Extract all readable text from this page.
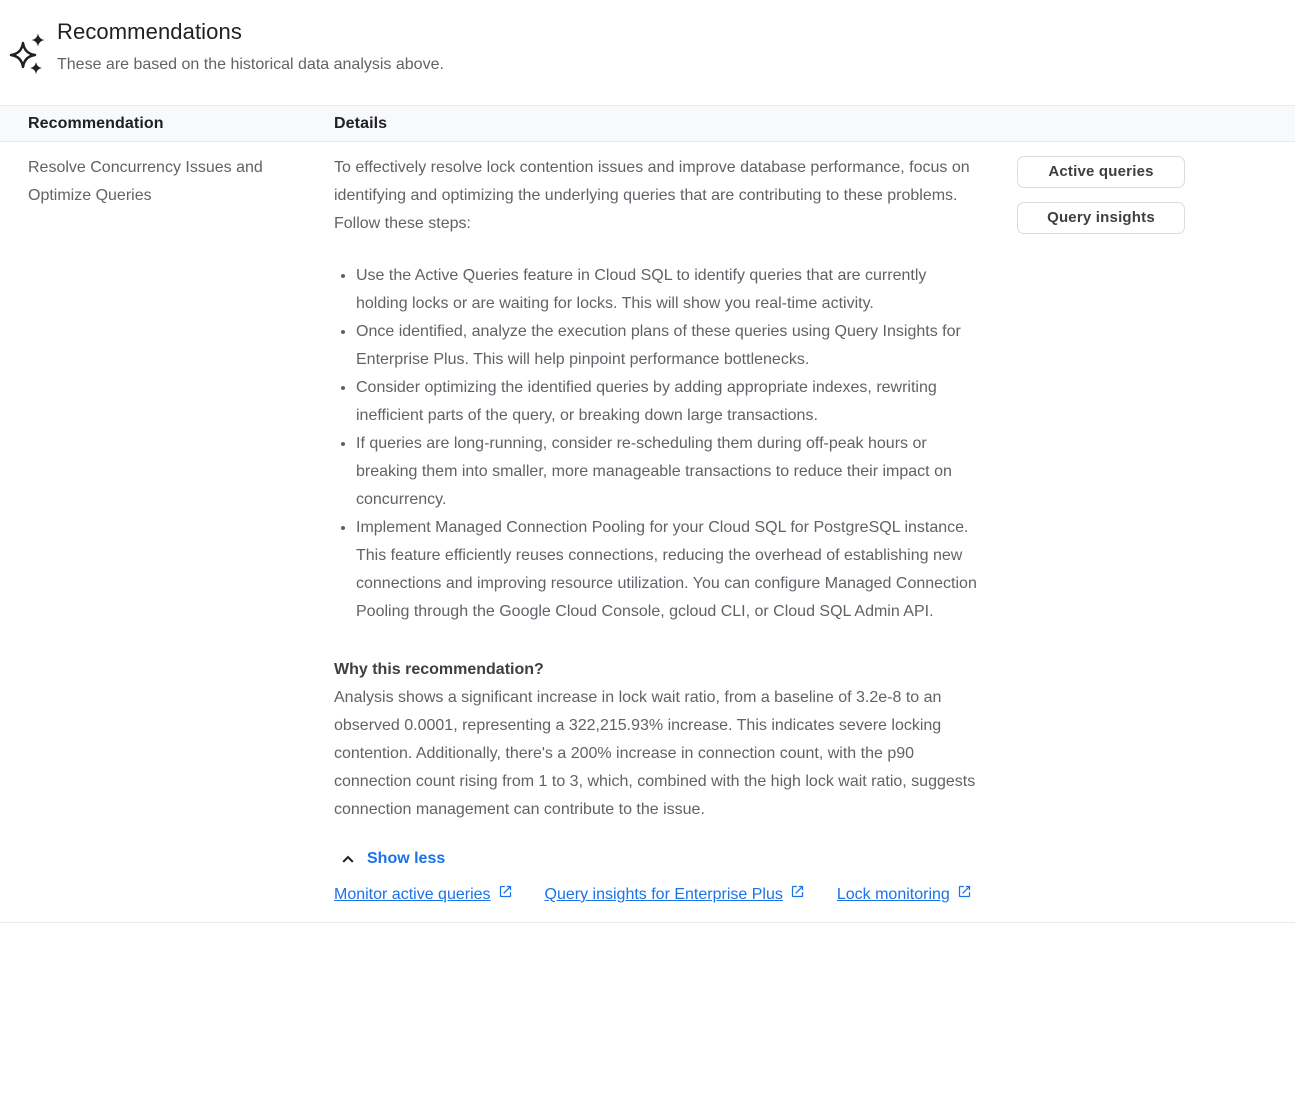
Recommendations

These are based on the historical data analysis above.

Recommendation	Details
Resolve Concurrency Issues and Optimize Queries

To effectively resolve lock contention issues and improve database performance, focus on identifying and optimizing the underlying queries that are contributing to these problems. Follow these steps:

• Use the Active Queries feature in Cloud SQL to identify queries that are currently holding locks or are waiting for locks. This will show you real-time activity.
• Once identified, analyze the execution plans of these queries using Query Insights for Enterprise Plus. This will help pinpoint performance bottlenecks.
• Consider optimizing the identified queries by adding appropriate indexes, rewriting inefficient parts of the query, or breaking down large transactions.
• If queries are long-running, consider re-scheduling them during off-peak hours or breaking them into smaller, more manageable transactions to reduce their impact on concurrency.
• Implement Managed Connection Pooling for your Cloud SQL for PostgreSQL instance. This feature efficiently reuses connections, reducing the overhead of establishing new connections and improving resource utilization. You can configure Managed Connection Pooling through the Google Cloud Console, gcloud CLI, or Cloud SQL Admin API.

Why this recommendation?
Analysis shows a significant increase in lock wait ratio, from a baseline of 3.2e-8 to an observed 0.0001, representing a 322,215.93% increase. This indicates severe locking contention. Additionally, there's a 200% increase in connection count, with the p90 connection count rising from 1 to 3, which, combined with the high lock wait ratio, suggests connection management can contribute to the issue.

Show less
Monitor active queries	Query insights for Enterprise Plus	Lock monitoring
Active queries
Query insights
